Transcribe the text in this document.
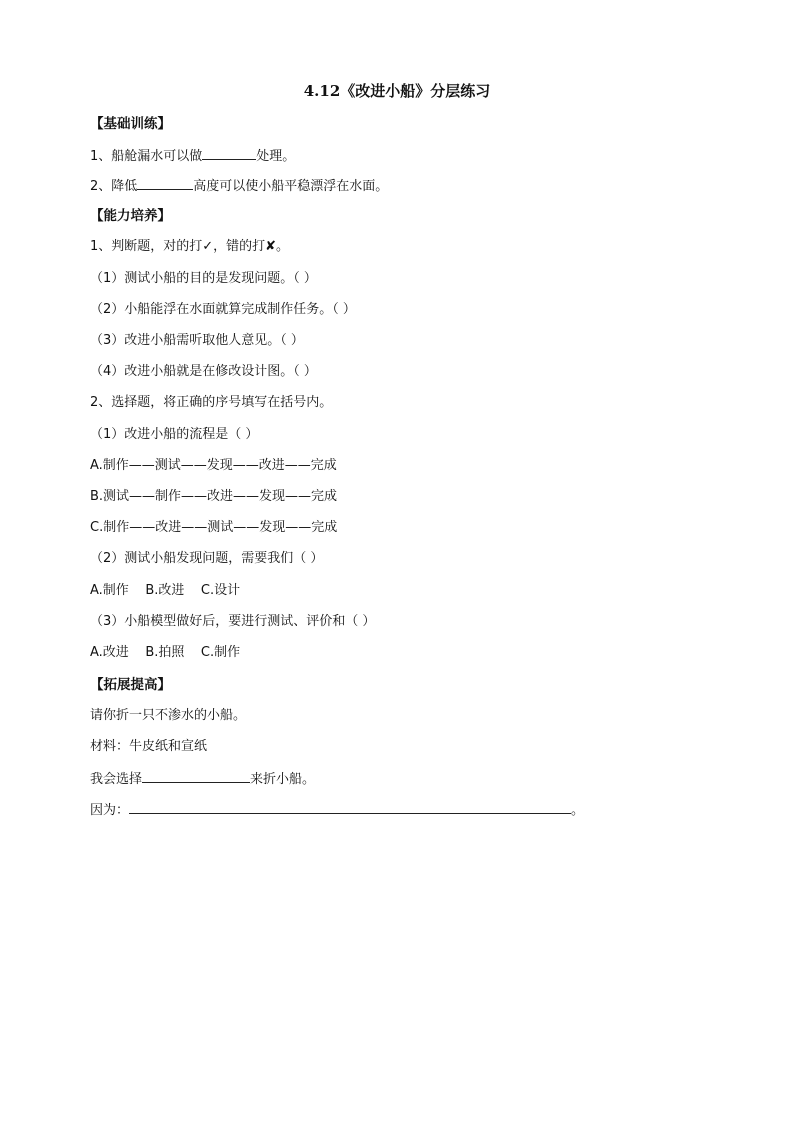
4.12《改进小船》分层练习
【基础训练】
1、船舱漏水可以做	处理。
2、降低	高度可以使小船平稳漂浮在水面。
【能力培养】
1、判断题，对的打✓，错的打✘。
（1）测试小船的目的是发现问题。（ ）
（2）小船能浮在水面就算完成制作任务。（ ）
（3）改进小船需听取他人意见。（ ）
（4）改进小船就是在修改设计图。（ ）
2、选择题，将正确的序号填写在括号内。
（1）改进小船的流程是（ ）
A.制作——测试——发现——改进——完成
B.测试——制作——改进——发现——完成
C.制作——改进——测试——发现——完成
（2）测试小船发现问题，需要我们（ ）
A.制作    B.改进    C.设计
（3）小船模型做好后，要进行测试、评价和（ ）
A.改进    B.拍照    C.制作
【拓展提高】
请你折一只不渗水的小船。
材料：牛皮纸和宣纸
我会选择	来折小船。
因为：	。
